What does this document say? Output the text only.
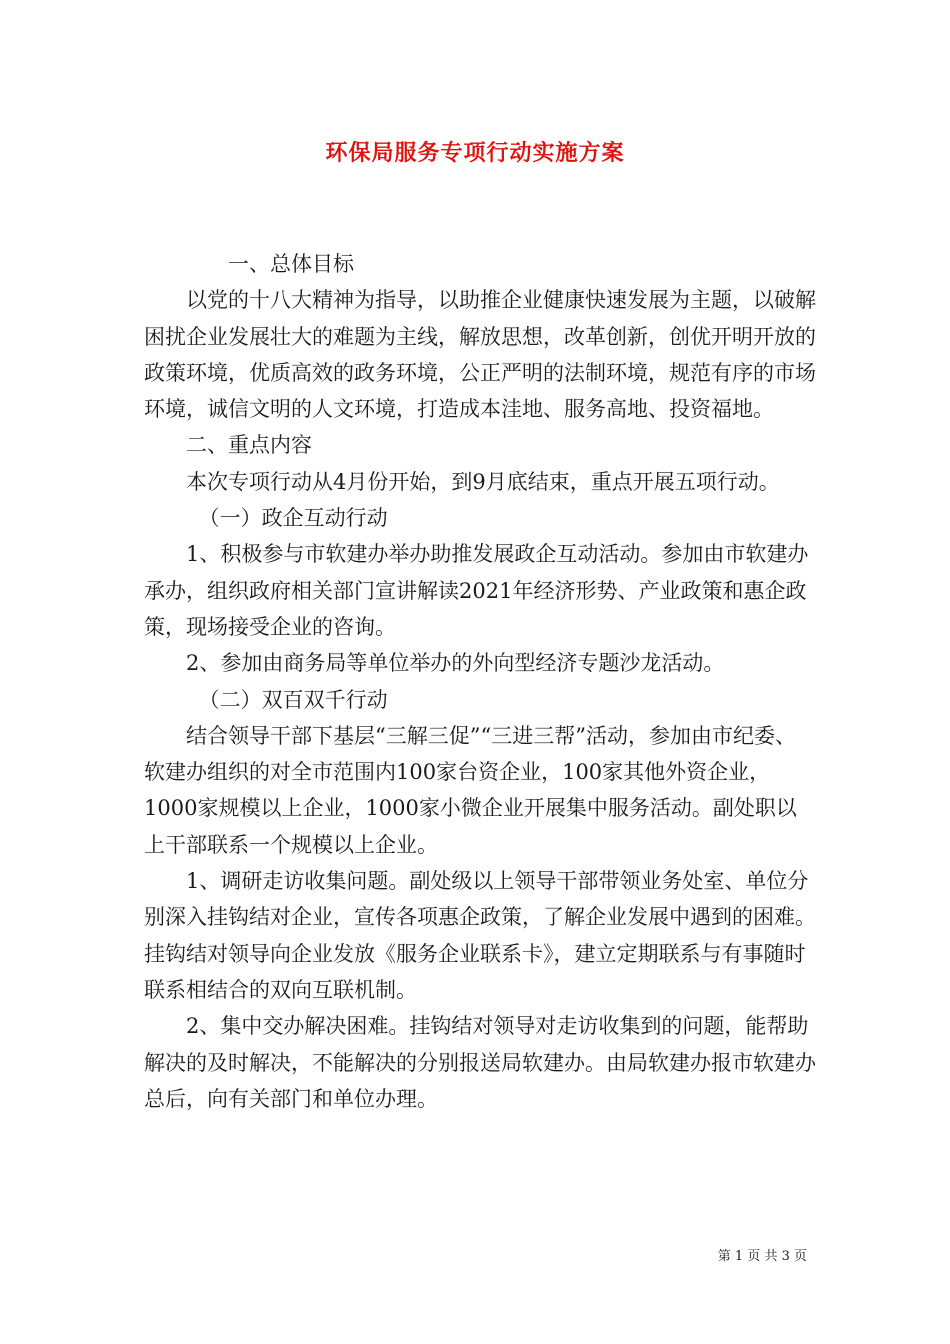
环保局服务专项行动实施方案

一、总体目标

以党的十八大精神为指导，以助推企业健康快速发展为主题，以破解困扰企业发展壮大的难题为主线，解放思想，改革创新，创优开明开放的政策环境，优质高效的政务环境，公正严明的法制环境，规范有序的市场环境，诚信文明的人文环境，打造成本洼地、服务高地、投资福地。

二、重点内容

本次专项行动从4月份开始，到9月底结束，重点开展五项行动。

（一）政企互动行动

1、积极参与市软建办举办助推发展政企互动活动。参加由市软建办承办，组织政府相关部门宣讲解读2021年经济形势、产业政策和惠企政策，现场接受企业的咨询。

2、参加由商务局等单位举办的外向型经济专题沙龙活动。

（二）双百双千行动

结合领导干部下基层“三解三促”“三进三帮”活动，参加由市纪委、软建办组织的对全市范围内100家台资企业，100家其他外资企业，1000家规模以上企业，1000家小微企业开展集中服务活动。副处职以上干部联系一个规模以上企业。

1、调研走访收集问题。副处级以上领导干部带领业务处室、单位分别深入挂钩结对企业，宣传各项惠企政策，了解企业发展中遇到的困难。挂钩结对领导向企业发放《服务企业联系卡》，建立定期联系与有事随时联系相结合的双向互联机制。

2、集中交办解决困难。挂钩结对领导对走访收集到的问题，能帮助解决的及时解决，不能解决的分别报送局软建办。由局软建办报市软建办总后，向有关部门和单位办理。

第 1 页 共 3 页
